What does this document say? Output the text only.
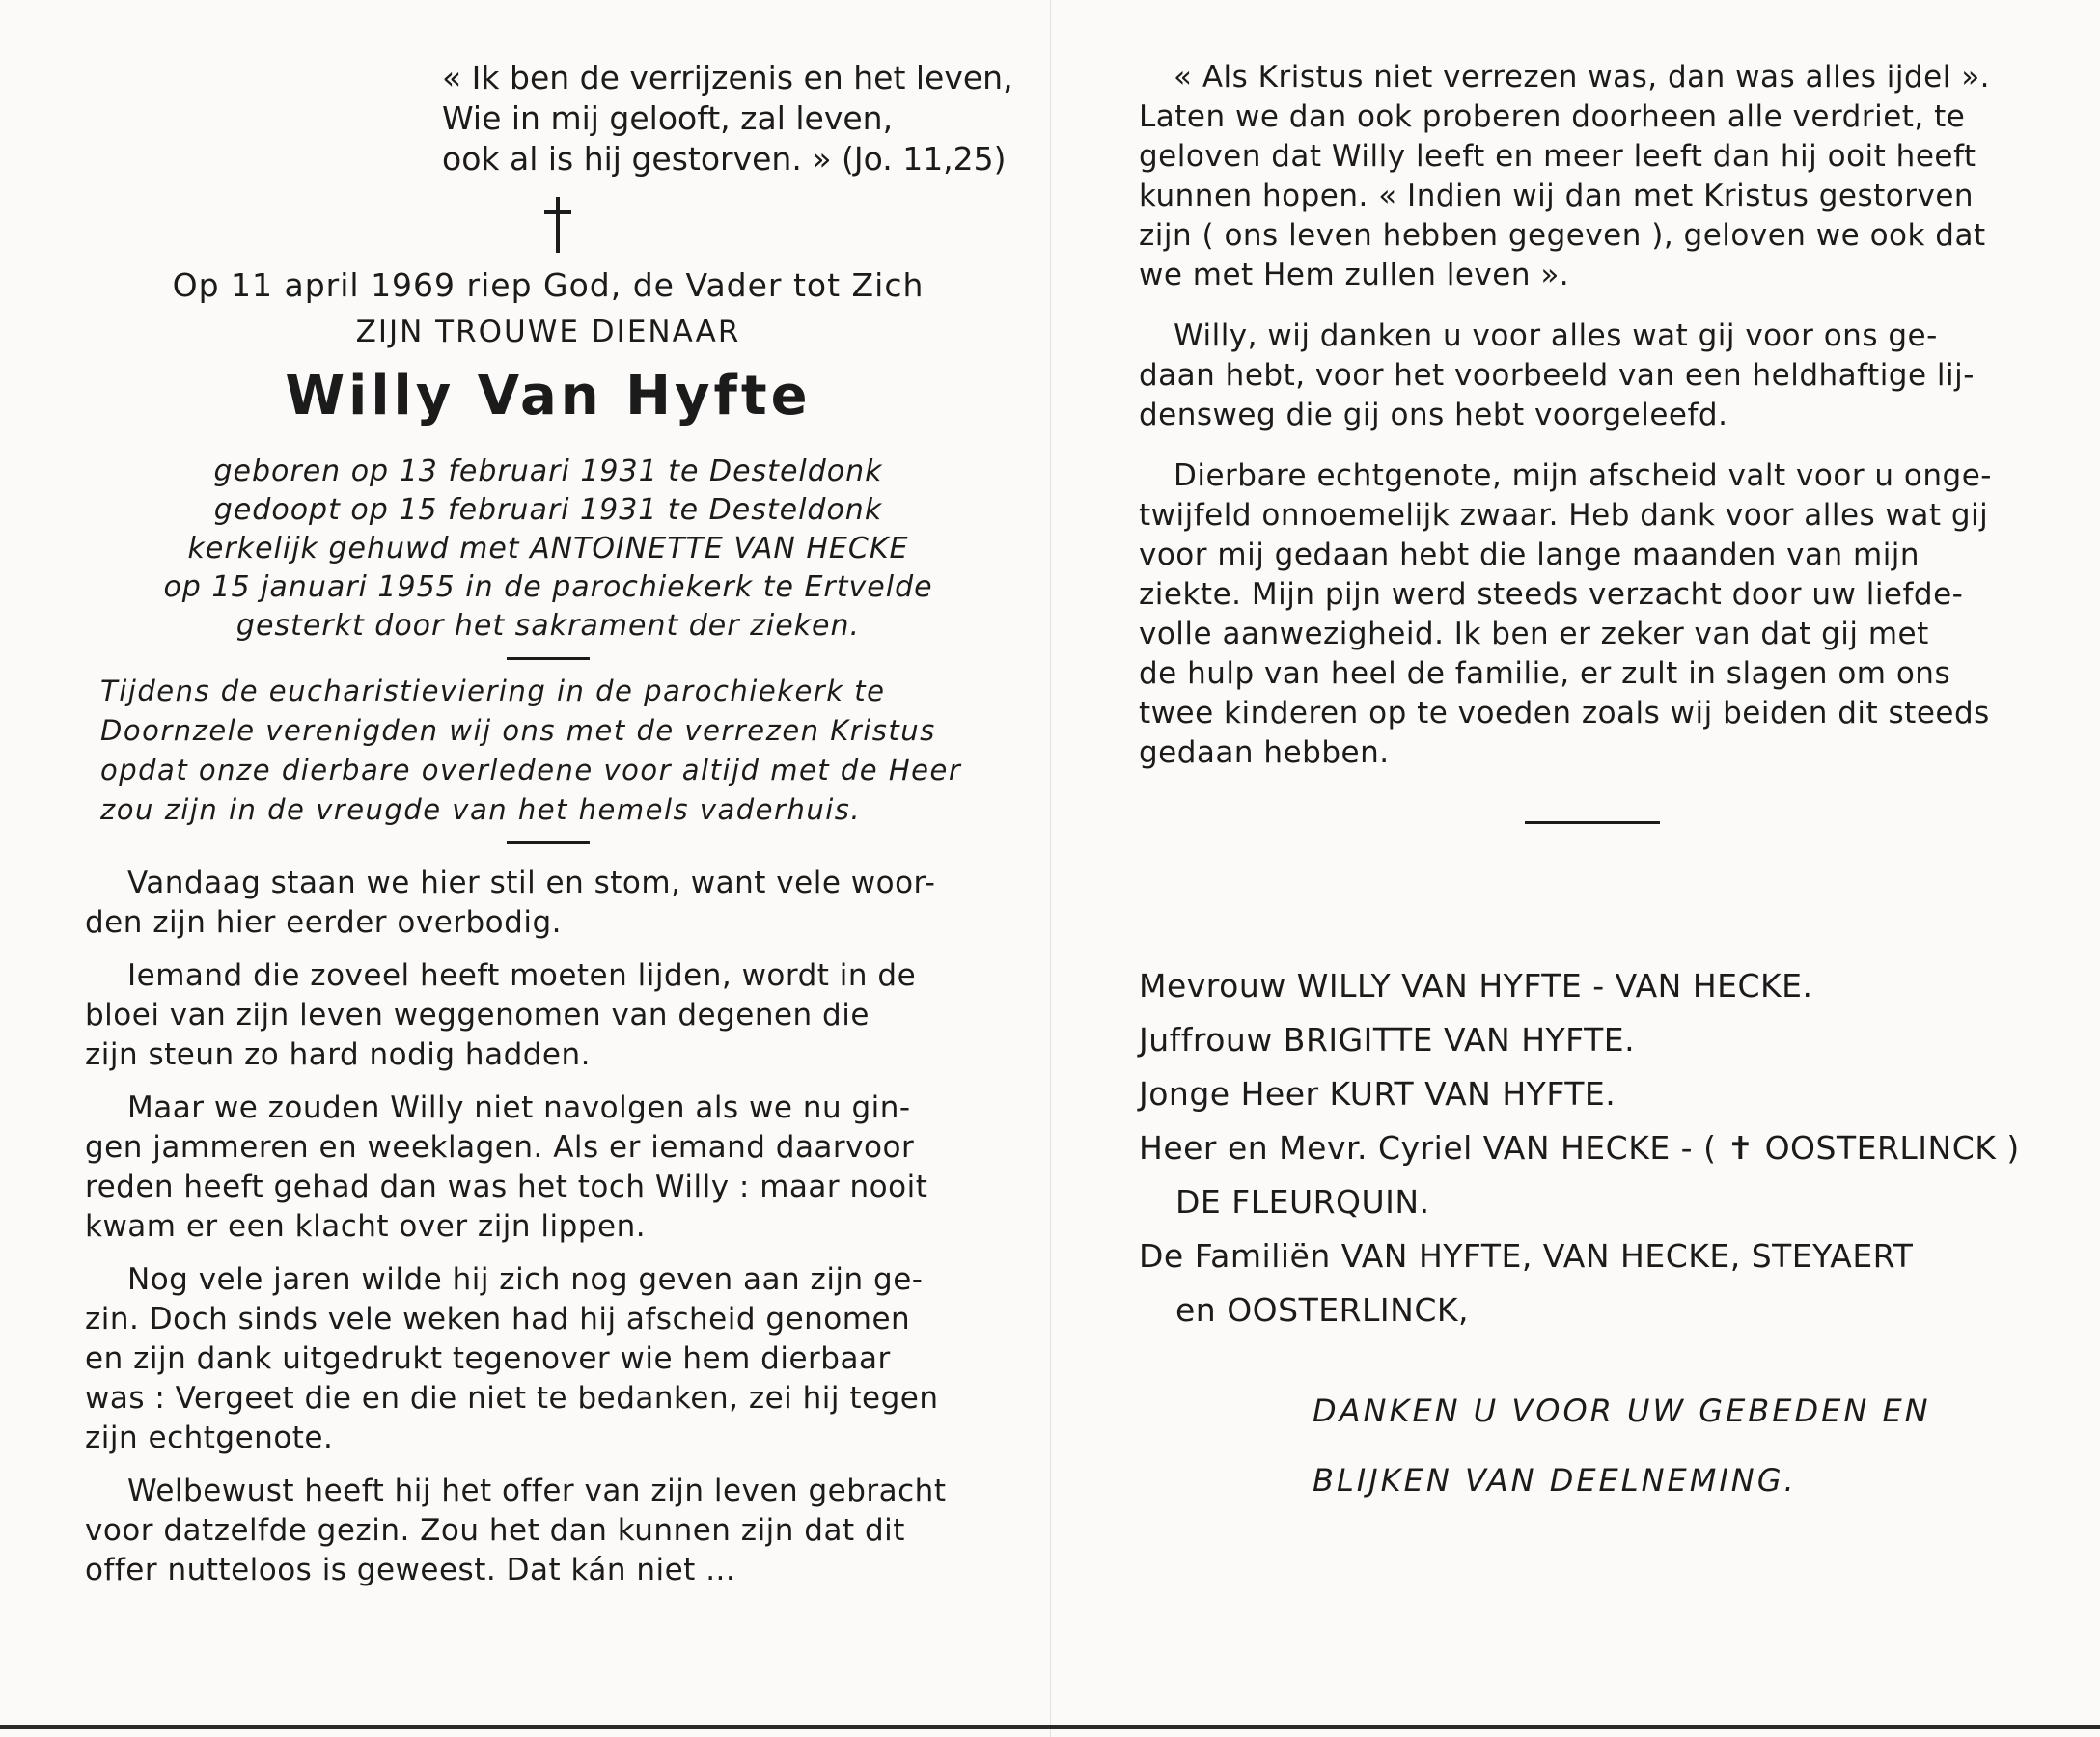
« Ik ben de verrijzenis en het leven,
Wie in mij gelooft, zal leven,
ook al is hij gestorven. » (Jo. 11,25)
Op 11 april 1969 riep God, de Vader tot Zich
ZIJN TROUWE DIENAAR
Willy Van Hyfte
geboren op 13 februari 1931 te Desteldonk
gedoopt op 15 februari 1931 te Desteldonk
kerkelijk gehuwd met ANTOINETTE VAN HECKE
op 15 januari 1955 in de parochiekerk te Ertvelde
gesterkt door het sakrament der zieken.
Tijdens de eucharistieviering in de parochiekerk te
Doornzele verenigden wij ons met de verrezen Kristus
opdat onze dierbare overledene voor altijd met de Heer
zou zijn in de vreugde van het hemels vaderhuis.
Vandaag staan we hier stil en stom, want vele woor-
den zijn hier eerder overbodig.
Iemand die zoveel heeft moeten lijden, wordt in de
bloei van zijn leven weggenomen van degenen die
zijn steun zo hard nodig hadden.
Maar we zouden Willy niet navolgen als we nu gin-
gen jammeren en weeklagen. Als er iemand daarvoor
reden heeft gehad dan was het toch Willy : maar nooit
kwam er een klacht over zijn lippen.
Nog vele jaren wilde hij zich nog geven aan zijn ge-
zin. Doch sinds vele weken had hij afscheid genomen
en zijn dank uitgedrukt tegenover wie hem dierbaar
was : Vergeet die en die niet te bedanken, zei hij tegen
zijn echtgenote.
Welbewust heeft hij het offer van zijn leven gebracht
voor datzelfde gezin. Zou het dan kunnen zijn dat dit
offer nutteloos is geweest. Dat kán niet ...
« Als Kristus niet verrezen was, dan was alles ijdel ».
Laten we dan ook proberen doorheen alle verdriet, te
geloven dat Willy leeft en meer leeft dan hij ooit heeft
kunnen hopen. « Indien wij dan met Kristus gestorven
zijn ( ons leven hebben gegeven ), geloven we ook dat
we met Hem zullen leven ».
Willy, wij danken u voor alles wat gij voor ons ge-
daan hebt, voor het voorbeeld van een heldhaftige lij-
densweg die gij ons hebt voorgeleefd.
Dierbare echtgenote, mijn afscheid valt voor u onge-
twijfeld onnoemelijk zwaar. Heb dank voor alles wat gij
voor mij gedaan hebt die lange maanden van mijn
ziekte. Mijn pijn werd steeds verzacht door uw liefde-
volle aanwezigheid. Ik ben er zeker van dat gij met
de hulp van heel de familie, er zult in slagen om ons
twee kinderen op te voeden zoals wij beiden dit steeds
gedaan hebben.
Mevrouw WILLY VAN HYFTE - VAN HECKE.
Juffrouw BRIGITTE VAN HYFTE.
Jonge Heer KURT VAN HYFTE.
Heer en Mevr. Cyriel VAN HECKE - ( ✝ OOSTERLINCK )
DE FLEURQUIN.
De Familiën VAN HYFTE, VAN HECKE, STEYAERT
en OOSTERLINCK,
DANKEN U VOOR UW GEBEDEN EN
BLIJKEN VAN DEELNEMING.
